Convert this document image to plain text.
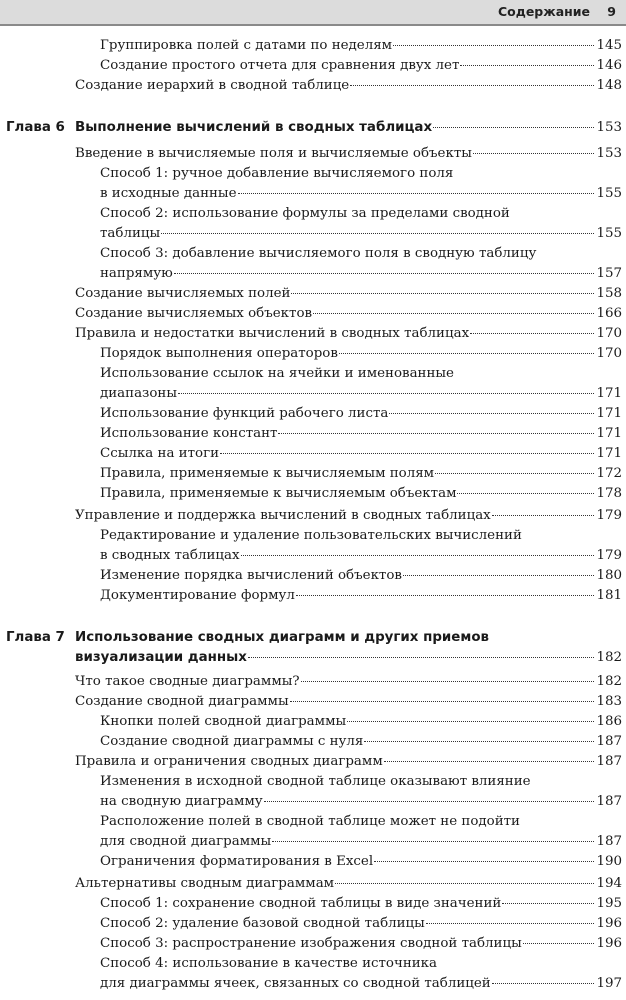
Содержание 9
Группировка полей с датами по неделям	145
Создание простого отчета для сравнения двух лет	146
Создание иерархий в сводной таблице	148
Глава 6 Выполнение вычислений в сводных таблицах	153
Введение в вычисляемые поля и вычисляемые объекты	153
Способ 1: ручное добавление вычисляемого поля
в исходные данные	155
Способ 2: использование формулы за пределами сводной
таблицы	155
Способ 3: добавление вычисляемого поля в сводную таблицу
напрямую	157
Создание вычисляемых полей	158
Создание вычисляемых объектов	166
Правила и недостатки вычислений в сводных таблицах	170
Порядок выполнения операторов	170
Использование ссылок на ячейки и именованные
диапазоны	171
Использование функций рабочего листа	171
Использование констант	171
Ссылка на итоги	171
Правила, применяемые к вычисляемым полям	172
Правила, применяемые к вычисляемым объектам	178
Управление и поддержка вычислений в сводных таблицах	179
Редактирование и удаление пользовательских вычислений
в сводных таблицах	179
Изменение порядка вычислений объектов	180
Документирование формул	181
Глава 7 Использование сводных диаграмм и других приемов
визуализации данных	182
Что такое сводные диаграммы?	182
Создание сводной диаграммы	183
Кнопки полей сводной диаграммы	186
Создание сводной диаграммы с нуля	187
Правила и ограничения сводных диаграмм	187
Изменения в исходной сводной таблице оказывают влияние
на сводную диаграмму	187
Расположение полей в сводной таблице может не подойти
для сводной диаграммы	187
Ограничения форматирования в Excel	190
Альтернативы сводным диаграммам	194
Способ 1: сохранение сводной таблицы в виде значений	195
Способ 2: удаление базовой сводной таблицы	196
Способ 3: распространение изображения сводной таблицы	196
Способ 4: использование в качестве источника
для диаграммы ячеек, связанных со сводной таблицей	197
